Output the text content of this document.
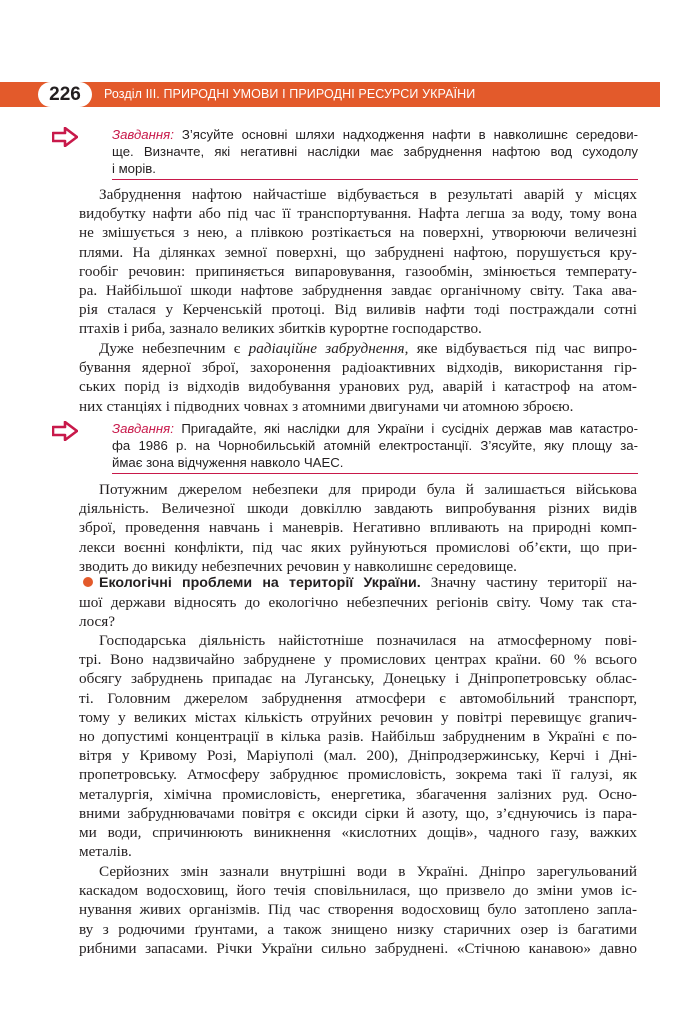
226	Розділ ІІІ. ПРИРОДНІ УМОВИ І ПРИРОДНІ РЕСУРСИ УКРАЇНИ
Завдання: З’ясуйте основні шляхи надходження нафти в навколишнє середови-
ще. Визначте, які негативні наслідки має забруднення нафтою вод суходолу
і морів.
Забруднення нафтою найчастіше відбувається в результаті аварій у місцях
видобутку нафти або під час її транспортування. Нафта легша за воду, тому вона
не змішується з нею, а плівкою розтікається на поверхні, утворюючи величезні
плями. На ділянках земної поверхні, що забруднені нафтою, порушується кру-
гообіг речовин: припиняється випаровування, газообмін, змінюється температу-
ра. Найбільшої шкоди нафтове забруднення завдає органічному світу. Така ава-
рія сталася у Керченській протоці. Від виливів нафти тоді постраждали сотні
птахів і риба, зазнало великих збитків курортне господарство.
Дуже небезпечним є радіаційне забруднення, яке відбувається під час випро-
бування ядерної зброї, захоронення радіоактивних відходів, використання гір-
ських порід із відходів видобування уранових руд, аварій і катастроф на атом-
них станціях і підводних човнах з атомними двигунами чи атомною зброєю.
Завдання: Пригадайте, які наслідки для України і сусідніх держав мав катастро-
фа 1986 р. на Чорнобильській атомній електростанції. З’ясуйте, яку площу за-
ймає зона відчуження навколо ЧАЕС.
Потужним джерелом небезпеки для природи була й залишається військова
діяльність. Величезної шкоди довкіллю завдають випробування різних видів
зброї, проведення навчань і маневрів. Негативно впливають на природні комп-
лекси воєнні конфлікти, під час яких руйнуються промислові об’єкти, що при-
зводить до викиду небезпечних речовин у навколишнє середовище.
Екологічні проблеми на території України. Значну частину території на-
шої держави відносять до екологічно небезпечних регіонів світу. Чому так ста-
лося?
Господарська діяльність найістотніше позначилася на атмосферному пові-
трі. Воно надзвичайно забруднене у промислових центрах країни. 60 % всього
обсягу забруднень припадає на Луганську, Донецьку і Дніпропетровську облас-
ті. Головним джерелом забруднення атмосфери є автомобільний транспорт,
тому у великих містах кількість отруйних речовин у повітрі перевищує granич-
но допустимі концентрації в кілька разів. Найбільш забрудненим в Україні є по-
вітря у Кривому Розі, Маріуполі (мал. 200), Дніпродзержинську, Керчі і Дні-
пропетровську. Атмосферу забруднює промисловість, зокрема такі її галузі, як
металургія, хімічна промисловість, енергетика, збагачення залізних руд. Осно-
вними забруднювачами повітря є оксиди сірки й азоту, що, з’єднуючись із пара-
ми води, спричинюють виникнення «кислотних дощів», чадного газу, важких
металів.
Серйозних змін зазнали внутрішні води в Україні. Дніпро зарегульований
каскадом водосховищ, його течія сповільнилася, що призвело до зміни умов іс-
нування живих організмів. Під час створення водосховищ було затоплено запла-
ву з родючими ґрунтами, а також знищено низку старичних озер із багатими
рибними запасами. Річки України сильно забруднені. «Стічною канавою» давно
